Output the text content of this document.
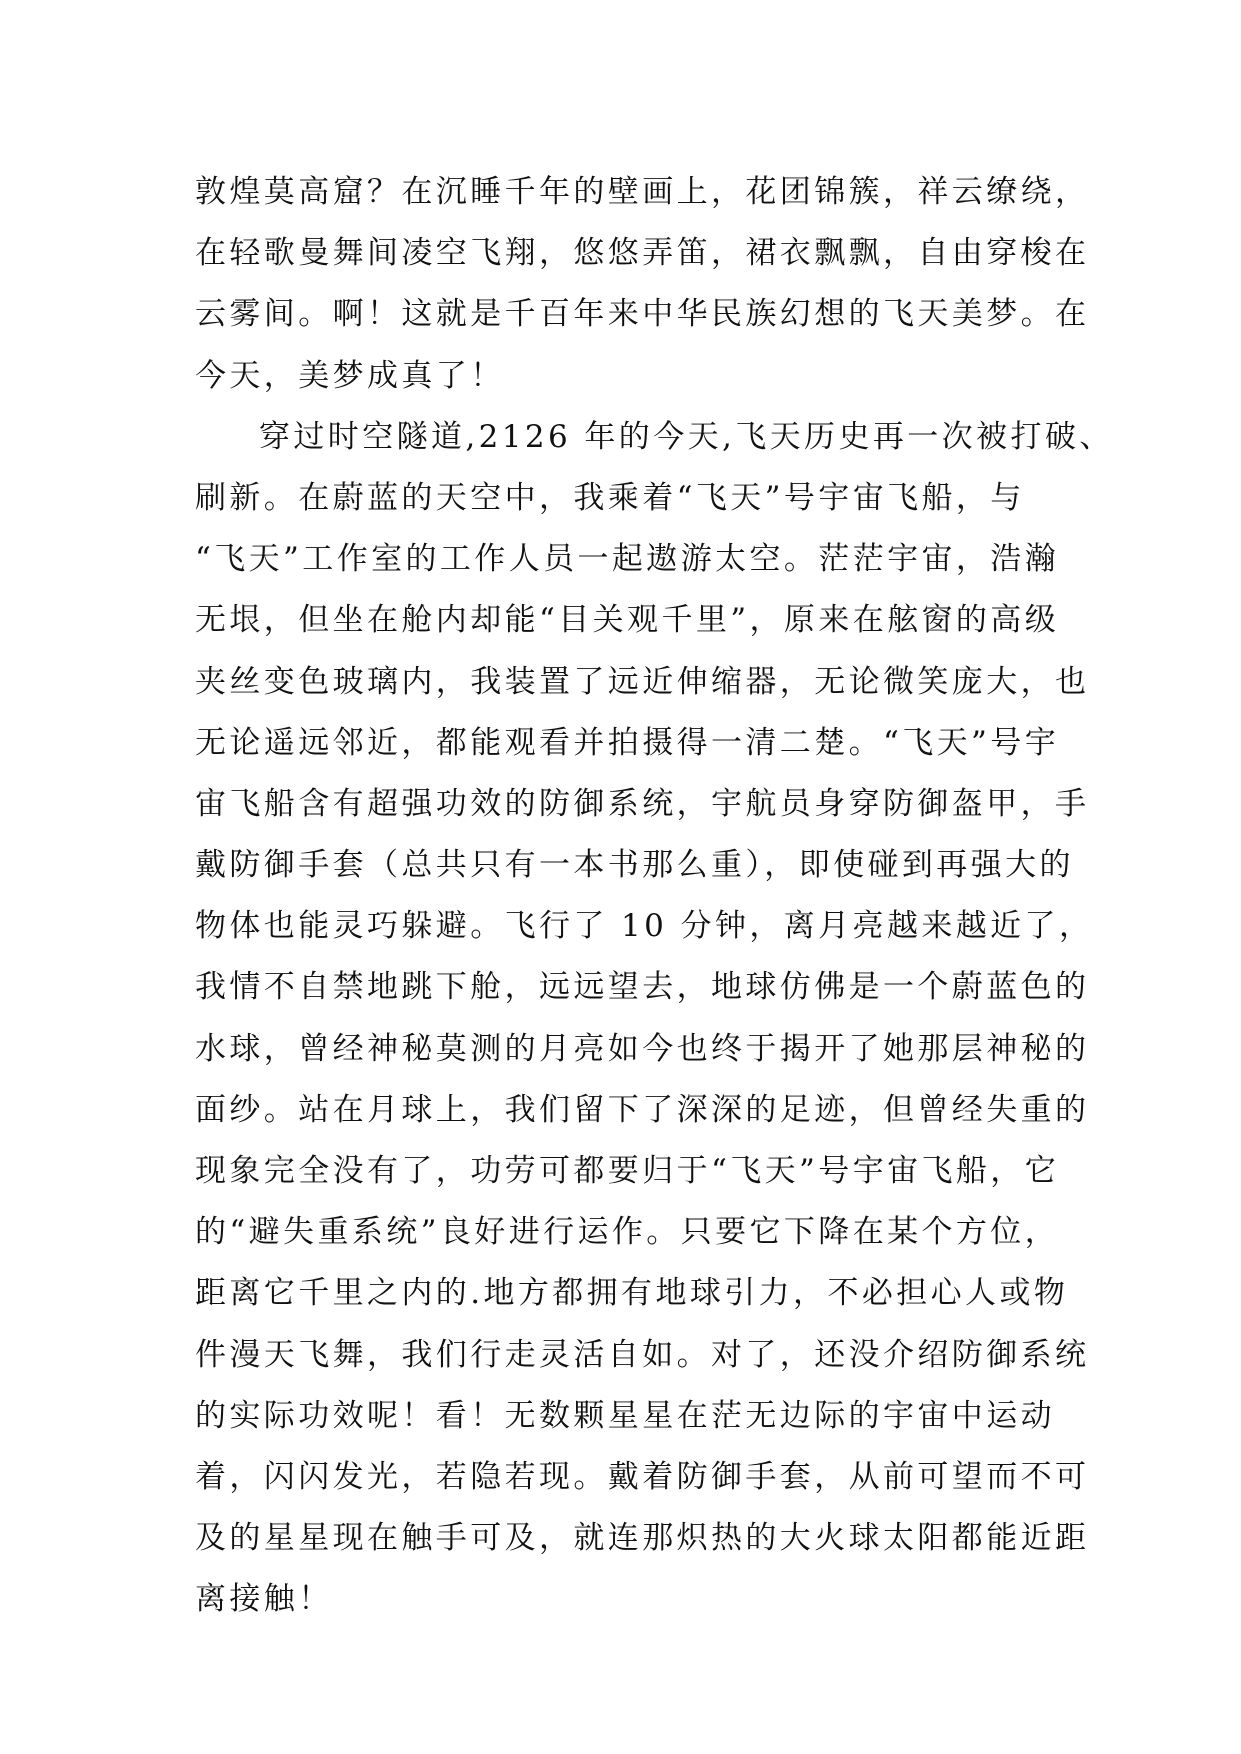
敦煌莫高窟？在沉睡千年的壁画上，花团锦簇，祥云缭绕，
在轻歌曼舞间凌空飞翔，悠悠弄笛，裙衣飘飘，自由穿梭在
云雾间。啊！这就是千百年来中华民族幻想的飞天美梦。在
今天，美梦成真了！
穿过时空隧道,2126 年的今天,飞天历史再一次被打破、
刷新。在蔚蓝的天空中，我乘着“飞天”号宇宙飞船，与
“飞天”工作室的工作人员一起遨游太空。茫茫宇宙，浩瀚
无垠，但坐在舱内却能“目关观千里”，原来在舷窗的高级
夹丝变色玻璃内，我装置了远近伸缩器，无论微笑庞大，也
无论遥远邻近，都能观看并拍摄得一清二楚。“飞天”号宇
宙飞船含有超强功效的防御系统，宇航员身穿防御盔甲，手
戴防御手套（总共只有一本书那么重），即使碰到再强大的
物体也能灵巧躲避。飞行了 10 分钟，离月亮越来越近了，
我情不自禁地跳下舱，远远望去，地球仿佛是一个蔚蓝色的
水球，曾经神秘莫测的月亮如今也终于揭开了她那层神秘的
面纱。站在月球上，我们留下了深深的足迹，但曾经失重的
现象完全没有了，功劳可都要归于“飞天”号宇宙飞船，它
的“避失重系统”良好进行运作。只要它下降在某个方位，
距离它千里之内的.地方都拥有地球引力，不必担心人或物
件漫天飞舞，我们行走灵活自如。对了，还没介绍防御系统
的实际功效呢！看！无数颗星星在茫无边际的宇宙中运动
着，闪闪发光，若隐若现。戴着防御手套，从前可望而不可
及的星星现在触手可及，就连那炽热的大火球太阳都能近距
离接触！
